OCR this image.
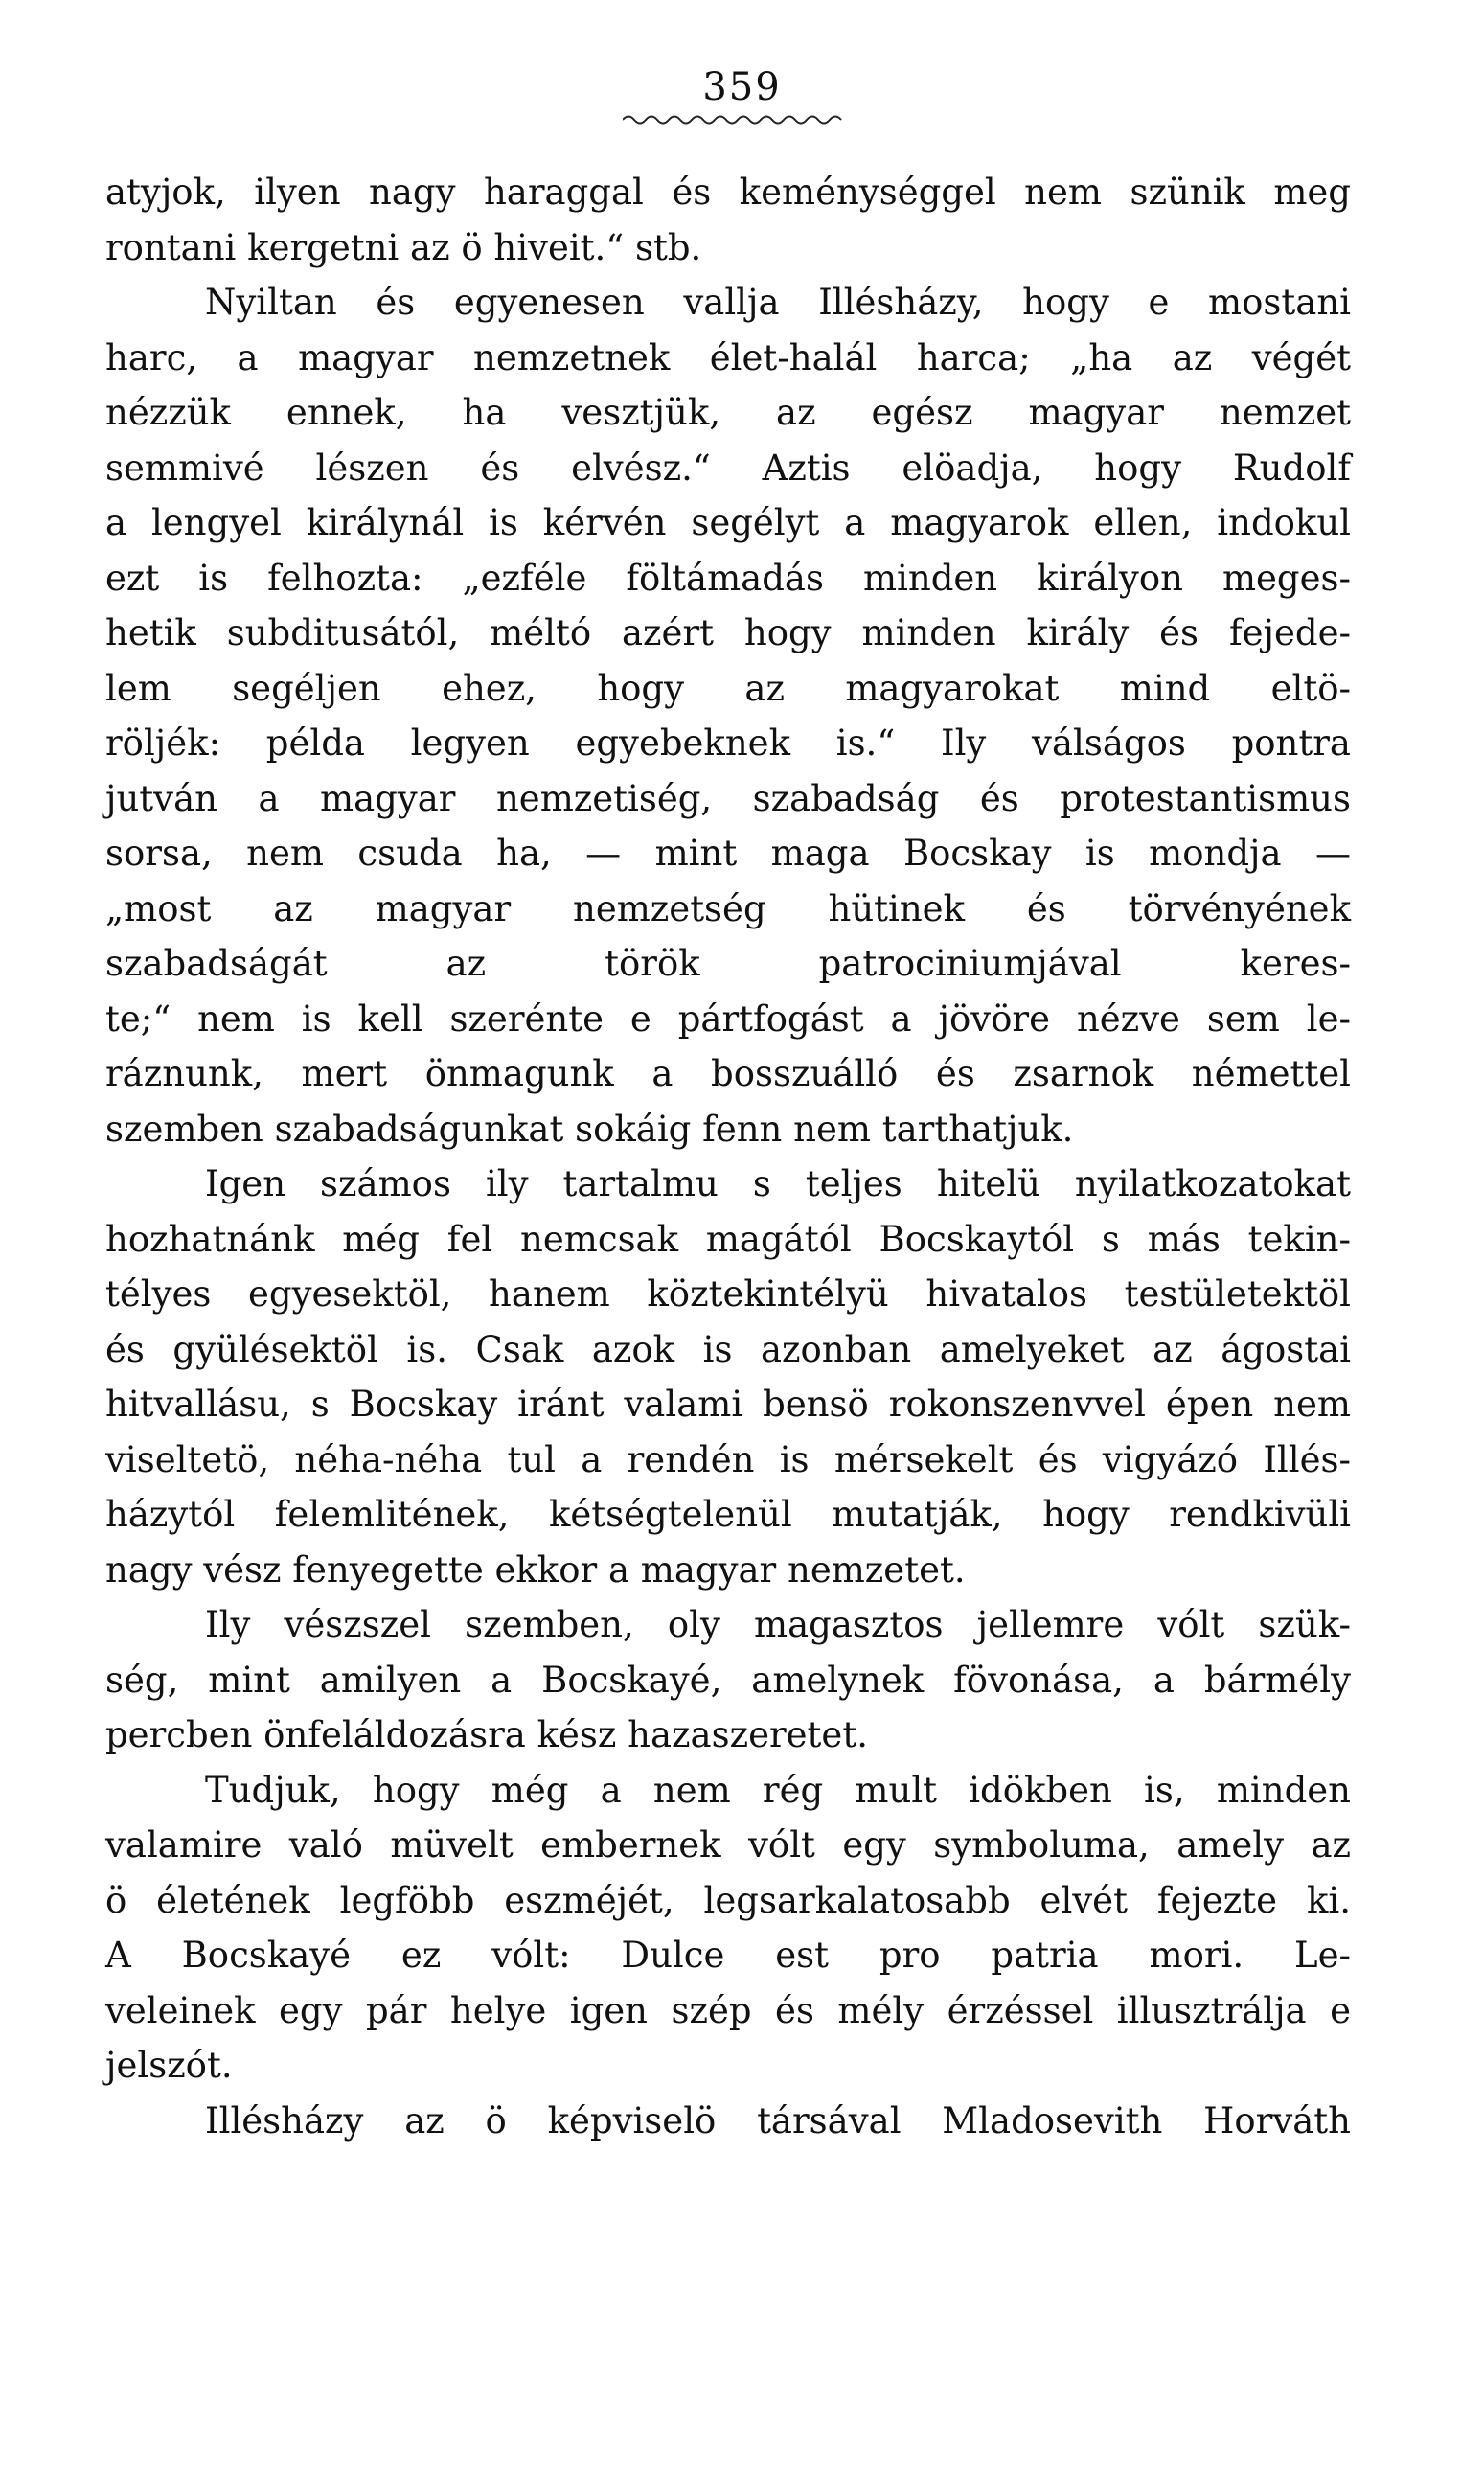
359
atyjok, ilyen nagy haraggal és keménységgel nem szünik meg
rontani kergetni az ö hiveit.“ stb.
Nyiltan és egyenesen vallja Illésházy, hogy e mostani
harc, a magyar nemzetnek élet-halál harca; „ha az végét
nézzük ennek, ha vesztjük, az egész magyar nemzet
semmivé lészen és elvész.“ Aztis elöadja, hogy Rudolf
a lengyel királynál is kérvén segélyt a magyarok ellen, indokul
ezt is felhozta: „ezféle föltámadás minden királyon meges-
hetik subditusától, méltó azért hogy minden király és fejede-
lem segéljen ehez, hogy az magyarokat mind eltö-
röljék: példa legyen egyebeknek is.“ Ily válságos pontra
jutván a magyar nemzetiség, szabadság és protestantismus
sorsa, nem csuda ha, — mint maga Bocskay is mondja —
„most az magyar nemzetség hütinek és törvényének
szabadságát az török patrociniumjával keres-
te;“ nem is kell szerénte e pártfogást a jövöre nézve sem le-
ráznunk, mert önmagunk a bosszuálló és zsarnok némettel
szemben szabadságunkat sokáig fenn nem tarthatjuk.
Igen számos ily tartalmu s teljes hitelü nyilatkozatokat
hozhatnánk még fel nemcsak magától Bocskaytól s más tekin-
télyes egyesektöl, hanem köztekintélyü hivatalos testületektöl
és gyülésektöl is. Csak azok is azonban amelyeket az ágostai
hitvallásu, s Bocskay iránt valami bensö rokonszenvvel épen nem
viseltetö, néha-néha tul a rendén is mérsekelt és vigyázó Illés-
házytól felemlitének, kétségtelenül mutatják, hogy rendkivüli
nagy vész fenyegette ekkor a magyar nemzetet.
Ily vészszel szemben, oly magasztos jellemre vólt szük-
ség, mint amilyen a Bocskayé, amelynek fövonása, a bármély
percben önfeláldozásra kész hazaszeretet.
Tudjuk, hogy még a nem rég mult idökben is, minden
valamire való müvelt embernek vólt egy symboluma, amely az
ö életének legföbb eszméjét, legsarkalatosabb elvét fejezte ki.
A Bocskayé ez vólt: Dulce est pro patria mori. Le-
veleinek egy pár helye igen szép és mély érzéssel illusztrálja e
jelszót.
Illésházy az ö képviselö társával Mladosevith Horváth
